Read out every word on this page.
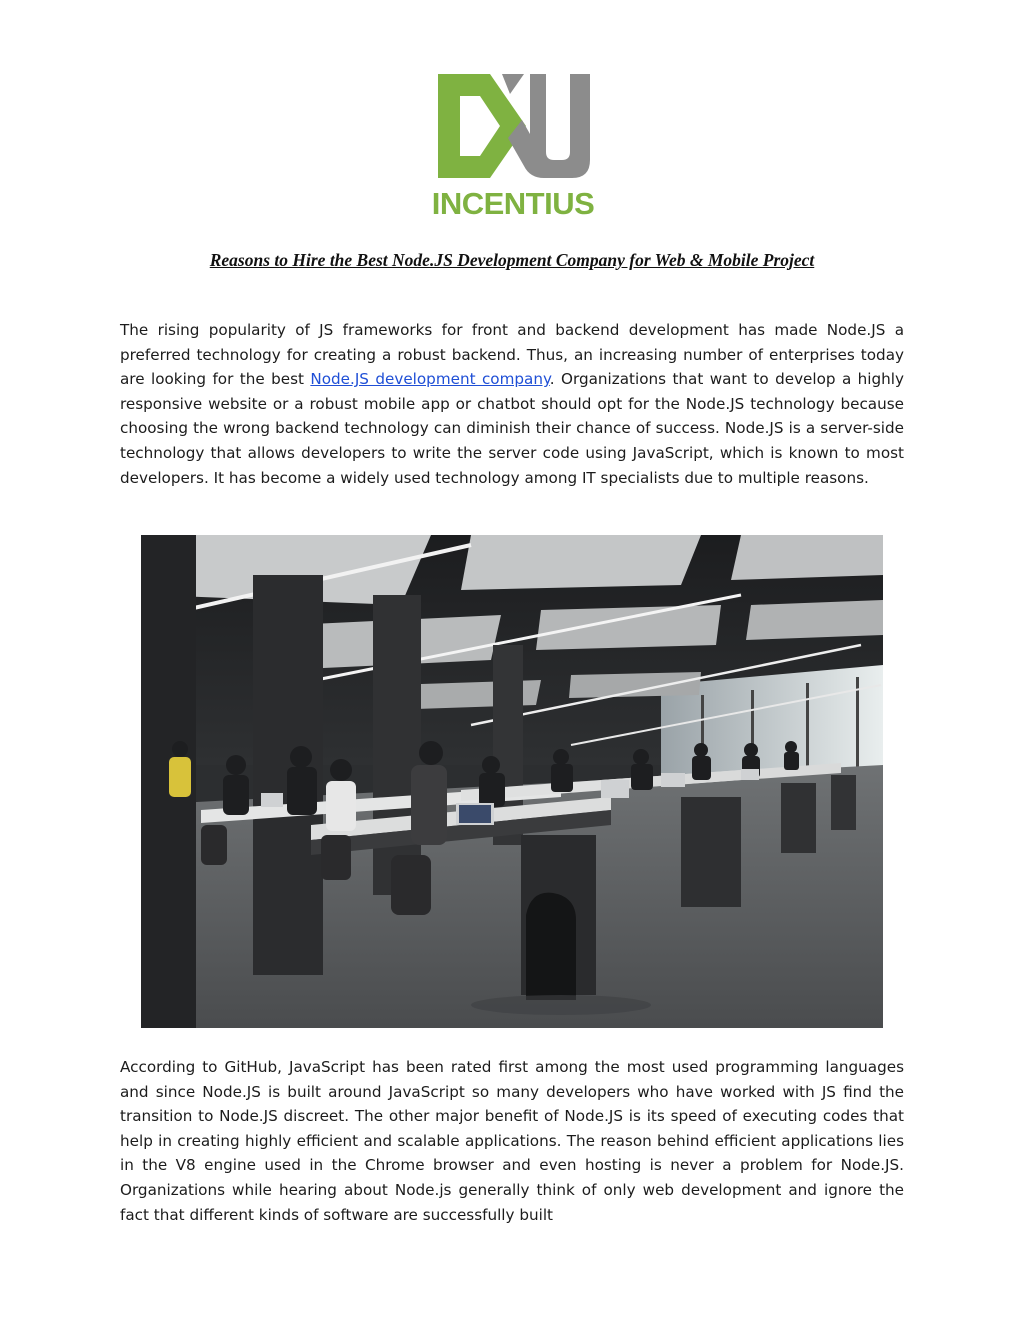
INCENTIUS
Reasons to Hire the Best Node.JS Development Company for Web & Mobile Project

The rising popularity of JS frameworks for front and backend development has made Node.JS a preferred technology for creating a robust backend. Thus, an increasing number of enterprises today are looking for the best Node.JS development company. Organizations that want to develop a highly responsive website or a robust mobile app or chatbot should opt for the Node.JS technology because choosing the wrong backend technology can diminish their chance of success. Node.JS is a server-side technology that allows developers to write the server code using JavaScript, which is known to most developers. It has become a widely used technology among IT specialists due to multiple reasons.

According to GitHub, JavaScript has been rated first among the most used programming languages and since Node.JS is built around JavaScript so many developers who have worked with JS find the transition to Node.JS discreet. The other major benefit of Node.JS is its speed of executing codes that help in creating highly efficient and scalable applications. The reason behind efficient applications lies in the V8 engine used in the Chrome browser and even hosting is never a problem for Node.JS. Organizations while hearing about Node.js generally think of only web development and ignore the fact that different kinds of software are successfully built
